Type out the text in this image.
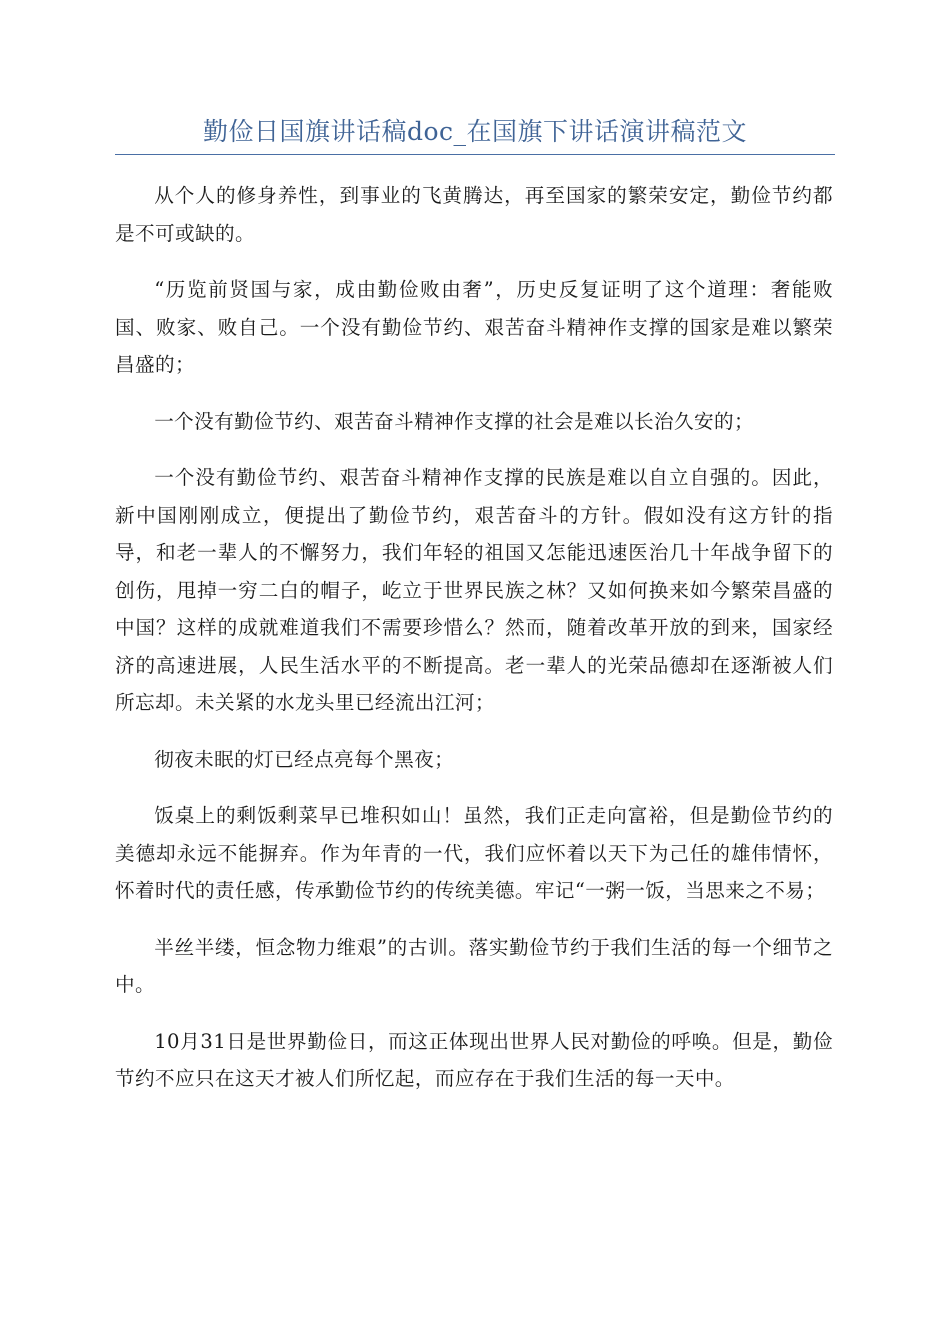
勤俭日国旗讲话稿doc_在国旗下讲话演讲稿范文

从个人的修身养性，到事业的飞黄腾达，再至国家的繁荣安定，勤俭节约都是不可或缺的。

“历览前贤国与家，成由勤俭败由奢”，历史反复证明了这个道理：奢能败国、败家、败自己。一个没有勤俭节约、艰苦奋斗精神作支撑的国家是难以繁荣昌盛的；

一个没有勤俭节约、艰苦奋斗精神作支撑的社会是难以长治久安的；

一个没有勤俭节约、艰苦奋斗精神作支撑的民族是难以自立自强的。因此，新中国刚刚成立，便提出了勤俭节约，艰苦奋斗的方针。假如没有这方针的指导，和老一辈人的不懈努力，我们年轻的祖国又怎能迅速医治几十年战争留下的创伤，甩掉一穷二白的帽子，屹立于世界民族之林？又如何换来如今繁荣昌盛的中国？这样的成就难道我们不需要珍惜么？然而，随着改革开放的到来，国家经济的高速进展，人民生活水平的不断提高。老一辈人的光荣品德却在逐渐被人们所忘却。未关紧的水龙头里已经流出江河；

彻夜未眠的灯已经点亮每个黑夜；

饭桌上的剩饭剩菜早已堆积如山！虽然，我们正走向富裕，但是勤俭节约的美德却永远不能摒弃。作为年青的一代，我们应怀着以天下为己任的雄伟情怀，怀着时代的责任感，传承勤俭节约的传统美德。牢记“一粥一饭，当思来之不易；

半丝半缕，恒念物力维艰”的古训。落实勤俭节约于我们生活的每一个细节之中。

10月31日是世界勤俭日，而这正体现出世界人民对勤俭的呼唤。但是，勤俭节约不应只在这天才被人们所忆起，而应存在于我们生活的每一天中。
